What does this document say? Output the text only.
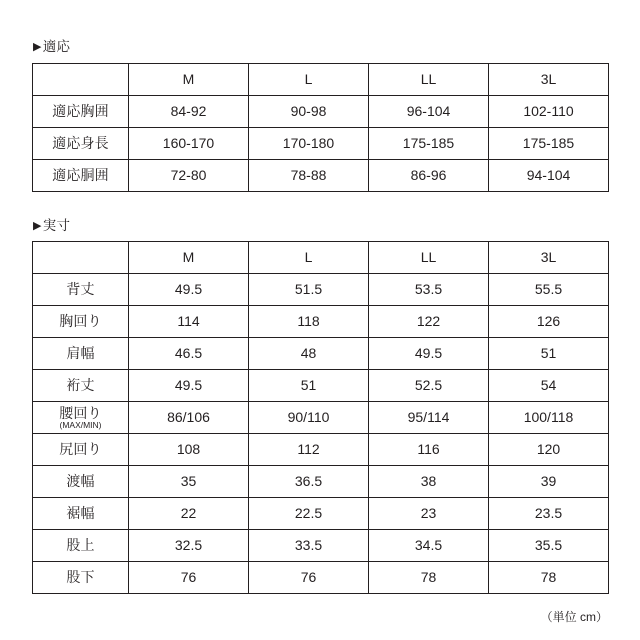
▶適応
	M	L	LL	3L
適応胸囲	84-92	90-98	96-104	102-110
適応身長	160-170	170-180	175-185	175-185
適応胴囲	72-80	78-88	86-96	94-104
▶実寸
	M	L	LL	3L
背丈	49.5	51.5	53.5	55.5
胸回り	114	118	122	126
肩幅	46.5	48	49.5	51
裄丈	49.5	51	52.5	54
腰回り
(MAX/MIN)	86/106	90/110	95/114	100/118
尻回り	108	112	116	120
渡幅	35	36.5	38	39
裾幅	22	22.5	23	23.5
股上	32.5	33.5	34.5	35.5
股下	76	76	78	78
（単位 cm）
